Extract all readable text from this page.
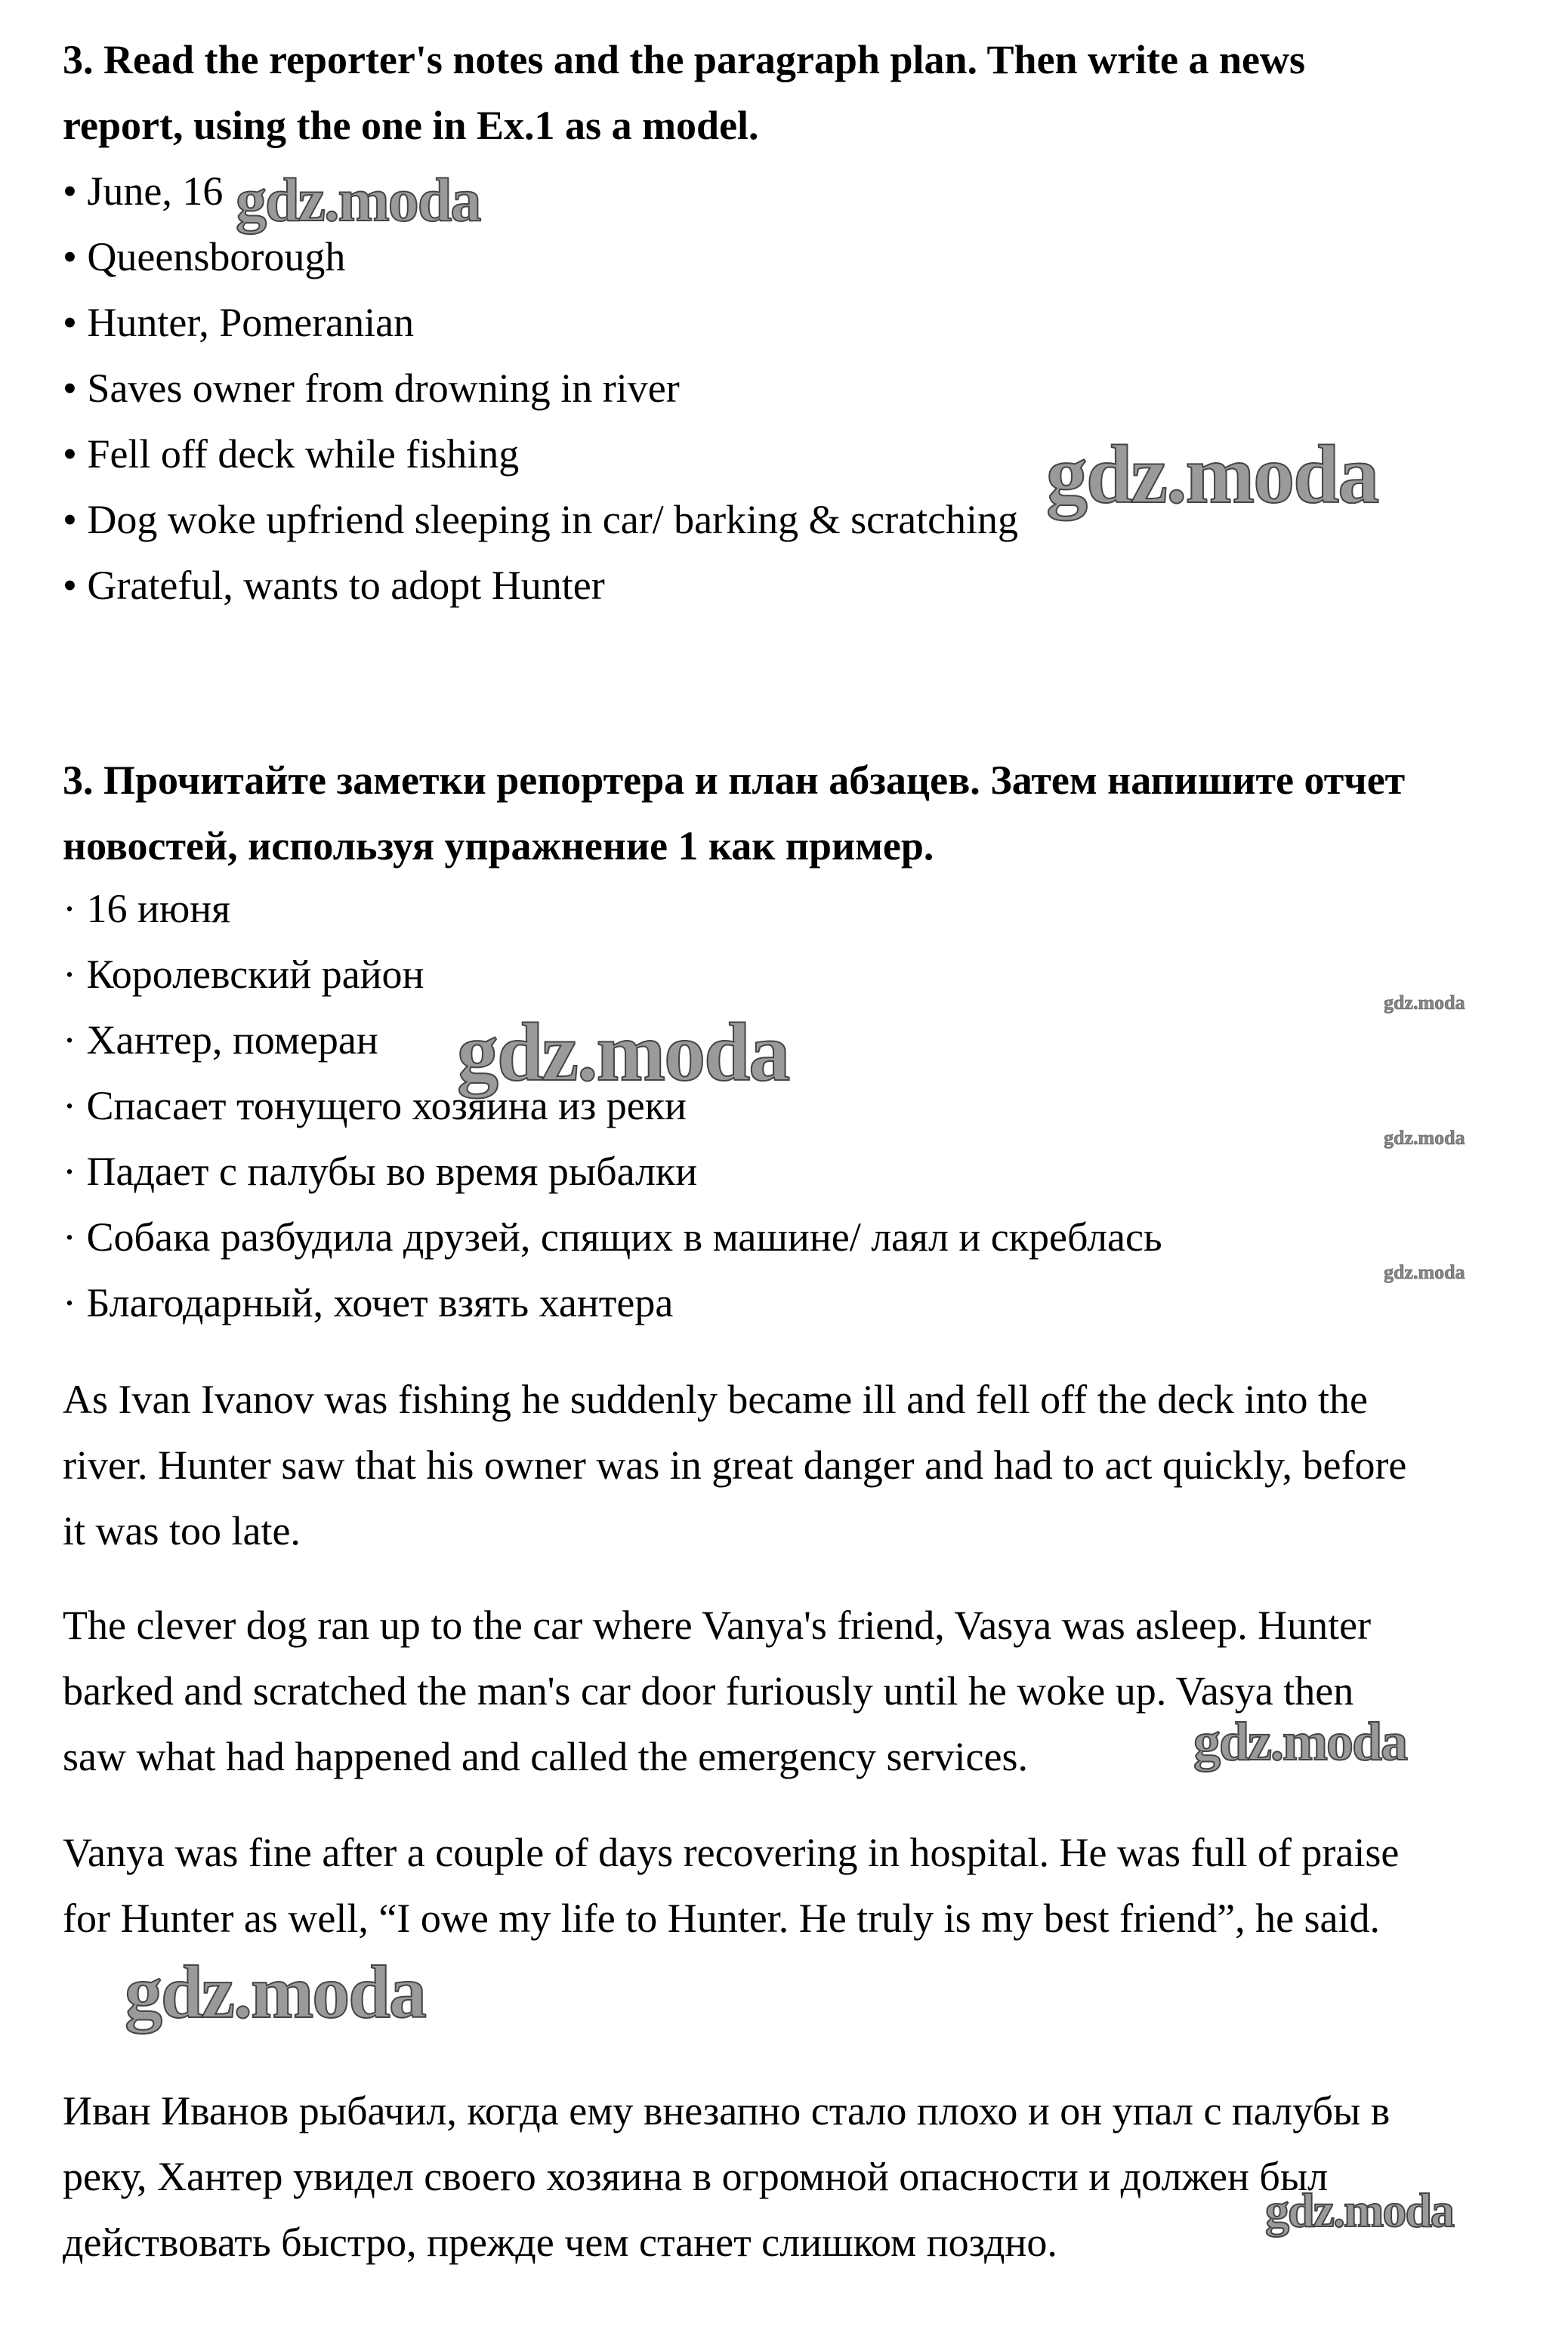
3. Read the reporter's notes and the paragraph plan. Then write a news
report, using the one in Ex.1 as a model.
• June, 16
• Queensborough
• Hunter, Pomeranian
• Saves owner from drowning in river
• Fell off deck while fishing
• Dog woke upfriend sleeping in car/ barking & scratching
• Grateful, wants to adopt Hunter
3. Прочитайте заметки репортера и план абзацев. Затем напишите отчет
новостей, используя упражнение 1 как пример.
· 16 июня
· Королевский район
· Хантер, померан
· Спасает тонущего хозяина из реки
· Падает с палубы во время рыбалки
· Собака разбудила друзей, спящих в машине/ лаял и скреблась
· Благодарный, хочет взять хантера
As Ivan Ivanov was fishing he suddenly became ill and fell off the deck into the
river. Hunter saw that his owner was in great danger and had to act quickly, before
it was too late.
The clever dog ran up to the car where Vanya's friend, Vasya was asleep. Hunter
barked and scratched the man's car door furiously until he woke up. Vasya then
saw what had happened and called the emergency services.
Vanya was fine after a couple of days recovering in hospital. He was full of praise
for Hunter as well, “I owe my life to Hunter. He truly is my best friend”, he said.
Иван Иванов рыбачил, когда ему внезапно стало плохо и он упал с палубы в
реку, Хантер увидел своего хозяина в огромной опасности и должен был
действовать быстро, прежде чем станет слишком поздно.
gdz.moda
gdz.moda
gdz.moda
gdz.moda
gdz.moda
gdz.moda
gdz.moda
gdz.moda
gdz.moda
